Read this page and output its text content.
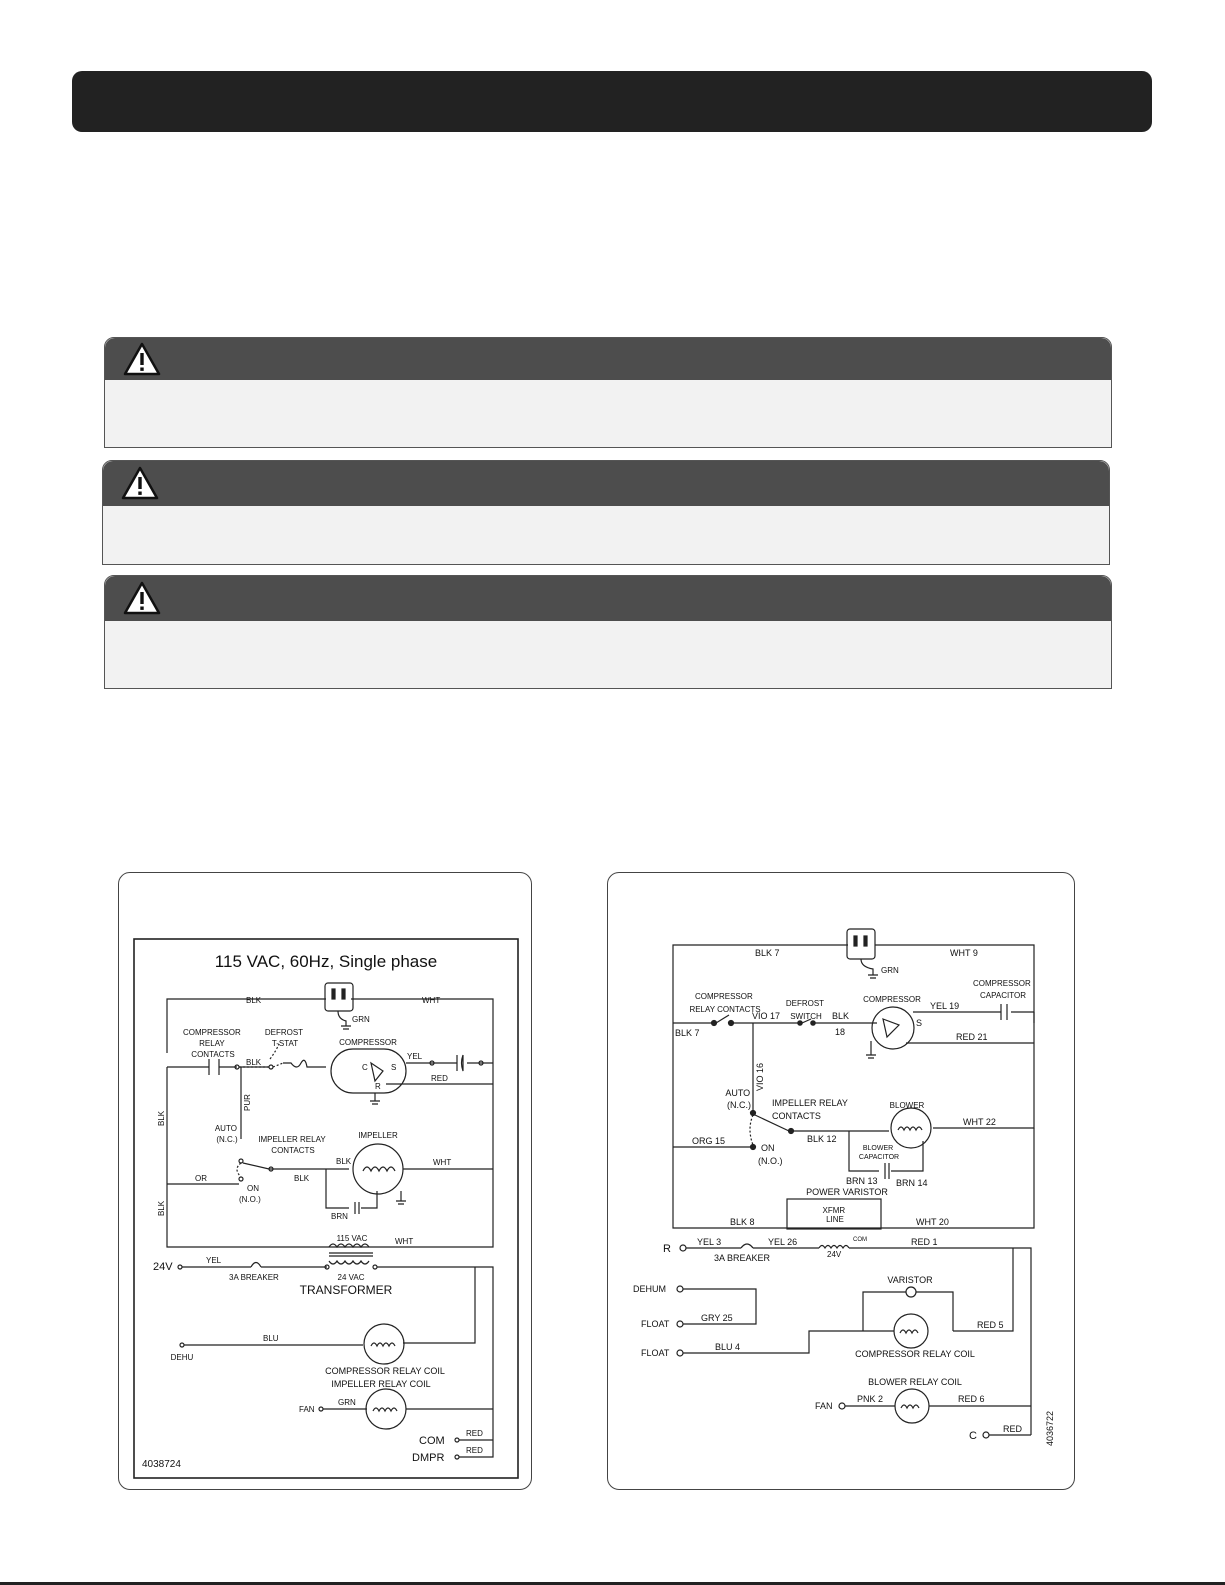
115 VAC, 60Hz, Single phase
BLK
GRN
WHT
COMPRESSOR RELAY CONTACTS
DEFROST T-STAT
BLK
COMPRESSOR
C	S
R
YEL
RED
BLK
BLK
PUR
AUTO (N.C.)	IMPELLER RELAY CONTACTS
BLK
BLK
IMPELLER
WHT
OR
ON (N.O.)
BRN
115 VAC	WHT
24V
YEL
3A BREAKER	24 VAC
TRANSFORMER
DEHU
BLU
COMPRESSOR RELAY COIL
IMPELLER RELAY COIL
FAN
GRN
COM
RED
DMPR
RED
4038724
BLK 7	WHT 9
GRN
COMPRESSOR RELAY CONTACTS
DEFROST SWITCH
VIO 17	BLK
18
COMPRESSOR
S
YEL 19
COMPRESSOR CAPACITOR
RED 21
BLK 7
VIO 16
AUTO (N.C.) IMPELLER RELAY CONTACTS
BLK 12
BLOWER
WHT 22
ORG 15
ON (N.O.)
BLOWER CAPACITOR
BRN 13 BRN 14
POWER VARISTOR
XFMR LINE
BLK 8	WHT 20
R
YEL 3	YEL 26
3A BREAKER	24V
COM	RED 1
DEHUM
FLOAT
GRY 25
VARISTOR
RED 5
FLOAT
BLU 4
COMPRESSOR RELAY COIL
BLOWER RELAY COIL
FAN
PNK 2	RED 6
C
RED	4036722
